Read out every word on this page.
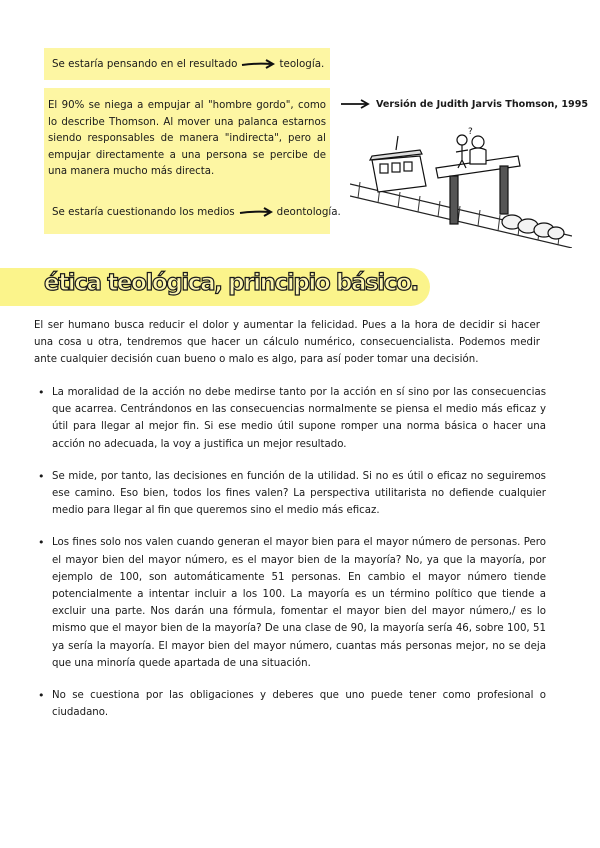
Se estaría pensando en el resultado	teología.
El 90% se niega a empujar al "hombre gordo", como lo describe Thomson. Al mover una palanca estarnos siendo responsables de manera "indirecta", pero al empujar directamente a una persona se percibe de una manera mucho más directa.
Se estaría cuestionando los medios	deontología.
Versión de Judith Jarvis Thomson, 1995
?
ética teológica, principio básico.
El ser humano busca reducir el dolor y aumentar la felicidad. Pues a la hora de decidir si hacer una cosa u otra, tendremos que hacer un cálculo numérico, consecuencialista. Podemos medir ante cualquier decisión cuan bueno o malo es algo, para así poder tomar una decisión.
• La moralidad de la acción no debe medirse tanto por la acción en sí sino por las consecuencias que acarrea. Centrándonos en las consecuencias normalmente se piensa el medio más eficaz y útil para llegar al mejor fin. Si ese medio útil supone romper una norma básica o hacer una acción no adecuada, la voy a justifica un mejor resultado.
• Se mide, por tanto, las decisiones en función de la utilidad. Si no es útil o eficaz no seguiremos ese camino. Eso bien, todos los fines valen? La perspectiva utilitarista no defiende cualquier medio para llegar al fin que queremos sino el medio más eficaz.
• Los fines solo nos valen cuando generan el mayor bien para el mayor número de personas. Pero el mayor bien del mayor número, es el mayor bien de la mayoría? No, ya que la mayoría, por ejemplo de 100, son automáticamente 51 personas. En cambio el mayor número tiende potencialmente a intentar incluir a los 100. La mayoría es un término político que tiende a excluir una parte. Nos darán una fórmula, fomentar el mayor bien del mayor número,/ es lo mismo que el mayor bien de la mayoría? De una clase de 90, la mayoría sería 46, sobre 100, 51 ya sería la mayoría. El mayor bien del mayor número, cuantas más personas mejor, no se deja que una minoría quede apartada de una situación.
• No se cuestiona por las obligaciones y deberes que uno puede tener como profesional o ciudadano.
